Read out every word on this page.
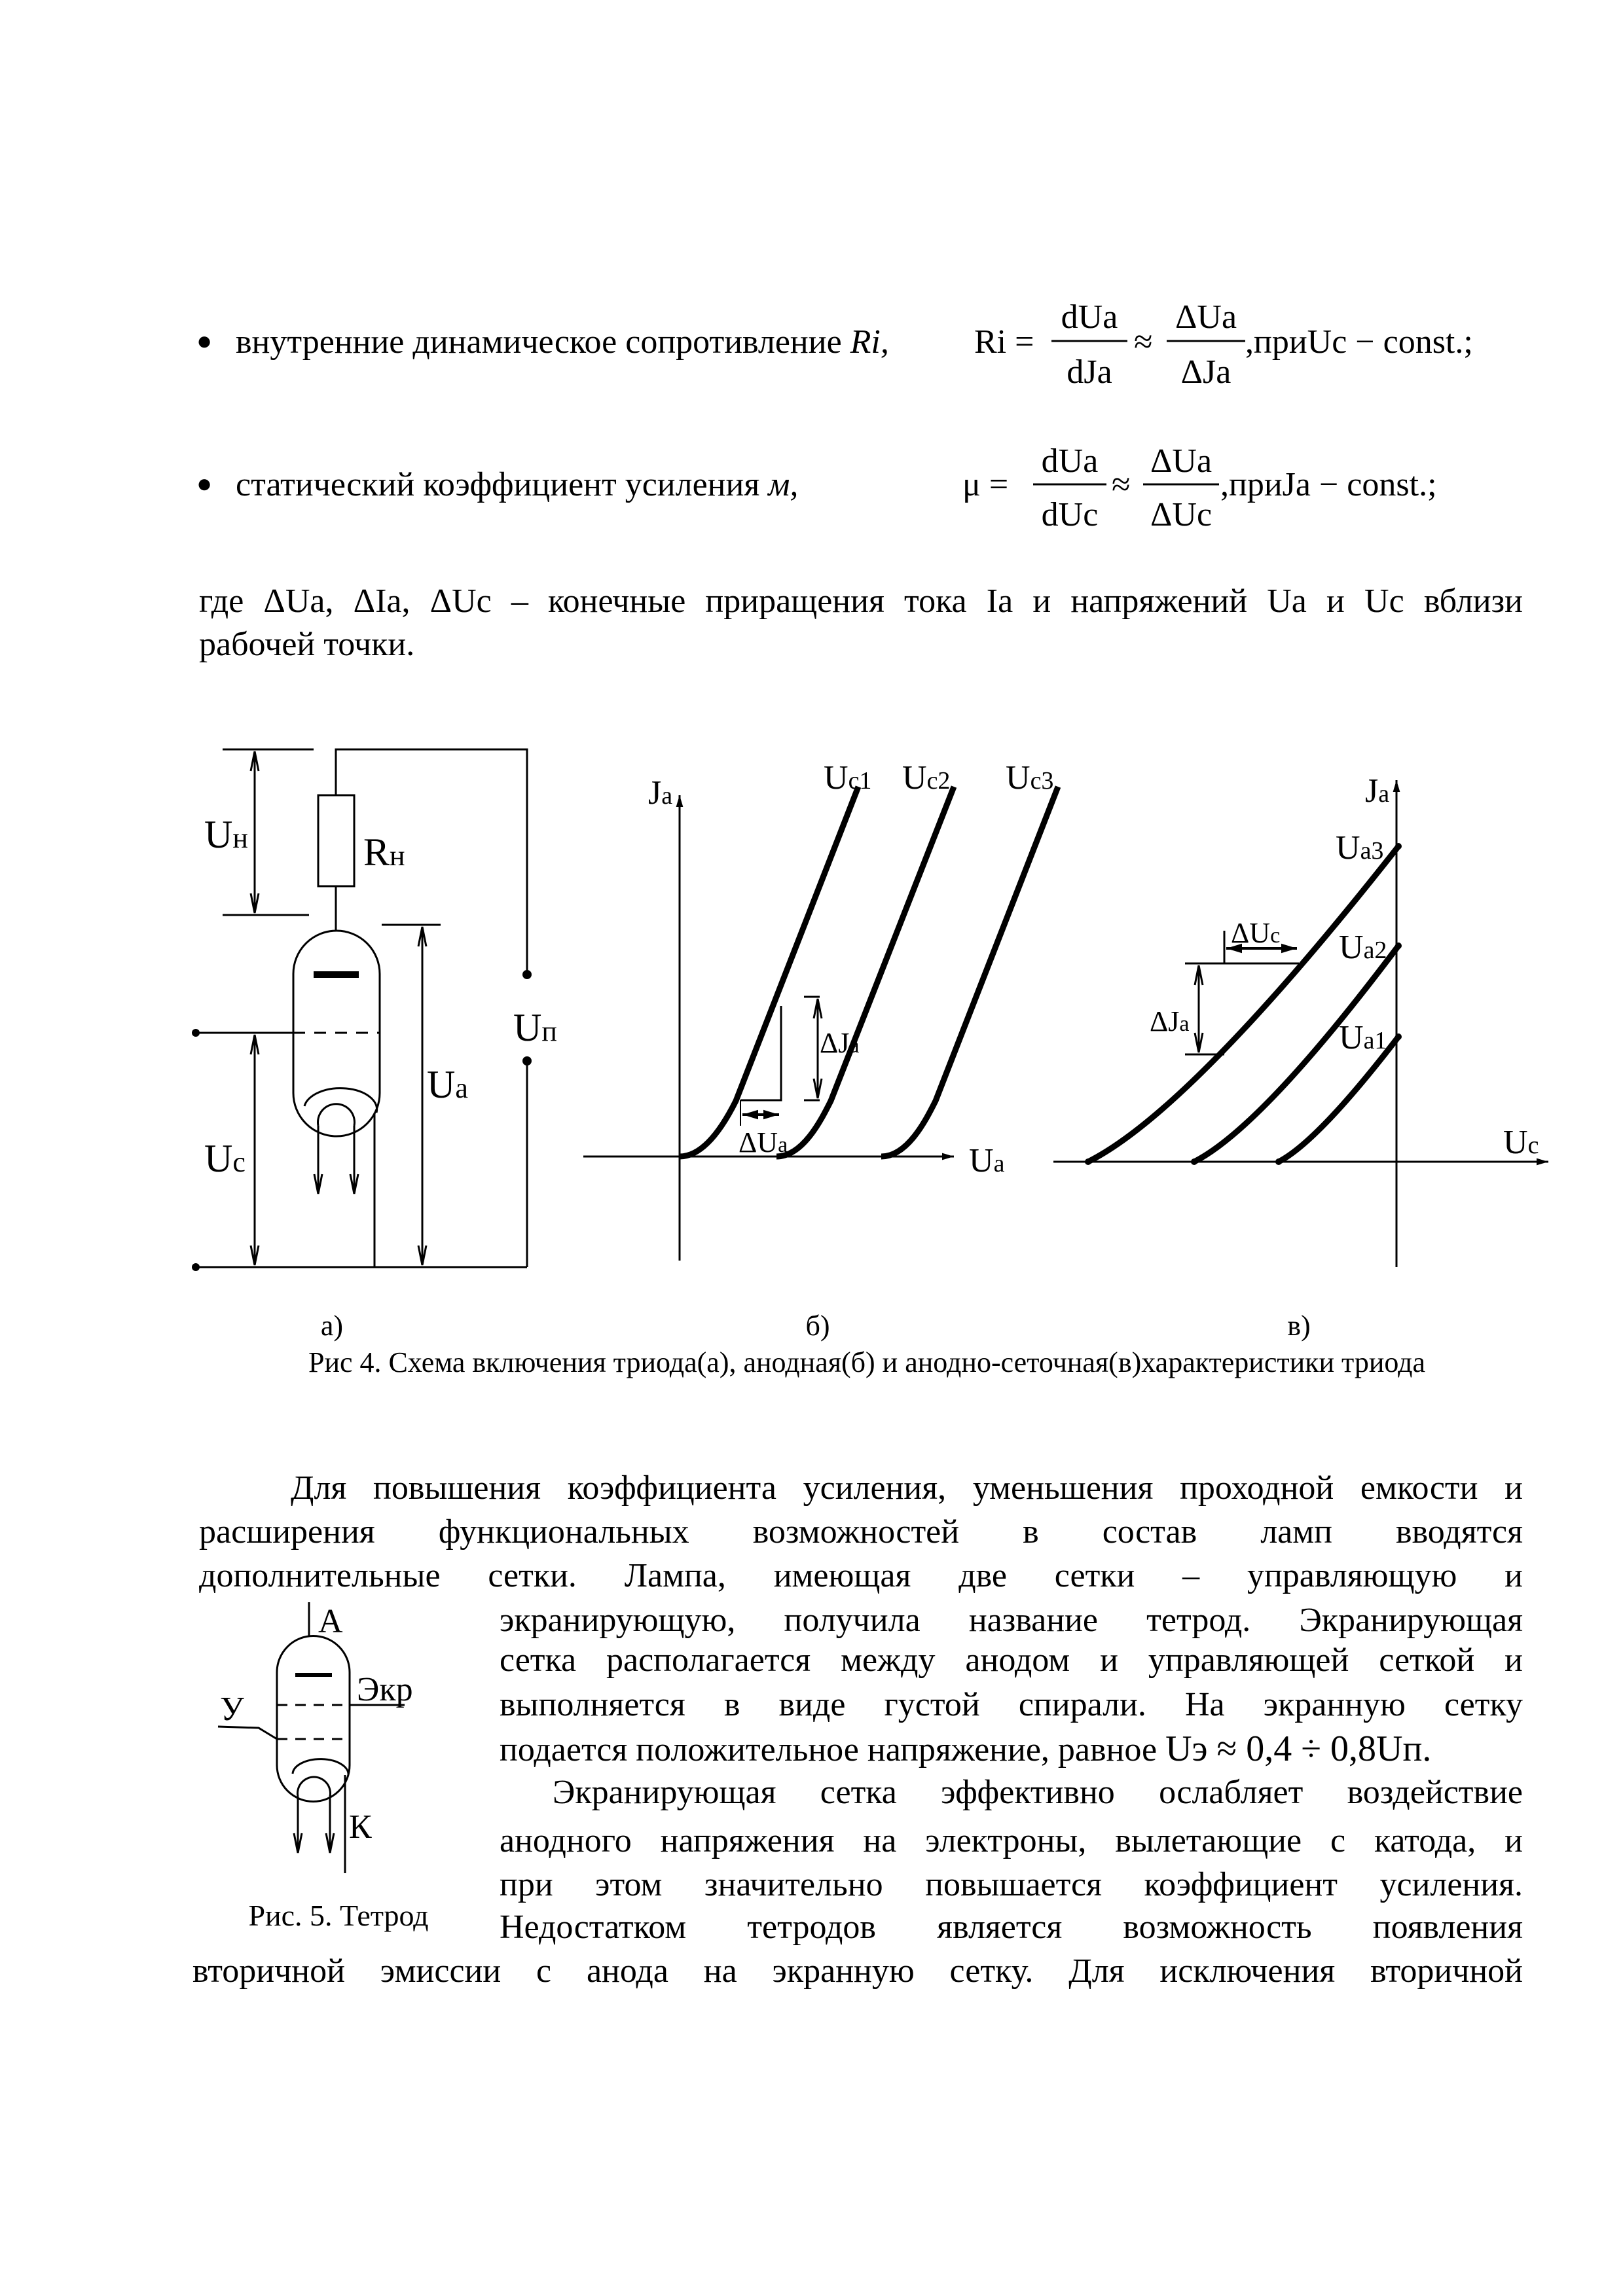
● внутренние динамическое сопротивление Ri,	Ri =
dUa
dJa
≈
ΔUa
ΔJa
,приUc − const.;
● статический коэффициент усиления м,	μ =
dUa
dUc
≈
ΔUa
ΔUc
,приJa − const.;
где ΔUa, ΔIa, ΔUc – конечные приращения тока Ia и напряжений Ua и Uc вблизи
рабочей точки.
Uн	Rн
Uп
Ua
Uc
Ja
Ua
Uc1 Uc2 Uc3
ΔJa
ΔUa
Ja
Uc
Ua3
Ua2
Ua1
ΔUc
ΔJa
а)	б)	в)
Рис 4. Схема включения триода(а), анодная(б) и анодно-сеточная(в)характеристики триода
A
Экр
У
К
Рис. 5. Тетрод
Для повышения коэффициента усиления, уменьшения проходной емкости и
расширения функциональных возможностей в состав ламп вводятся
дополнительные сетки. Лампа, имеющая две сетки – управляющую и
экранирующую, получила название тетрод. Экранирующая
сетка располагается между анодом и управляющей сеткой и
выполняется в виде густой спирали. На экранную сетку
подается положительное напряжение, равное Uэ ≈ 0,4 ÷ 0,8Uп.
Экранирующая сетка эффективно ослабляет воздействие
анодного напряжения на электроны, вылетающие с катода, и
при этом значительно повышается коэффициент усиления.
Недостатком тетродов является возможность появления
вторичной эмиссии с анода на экранную сетку. Для исключения вторичной
